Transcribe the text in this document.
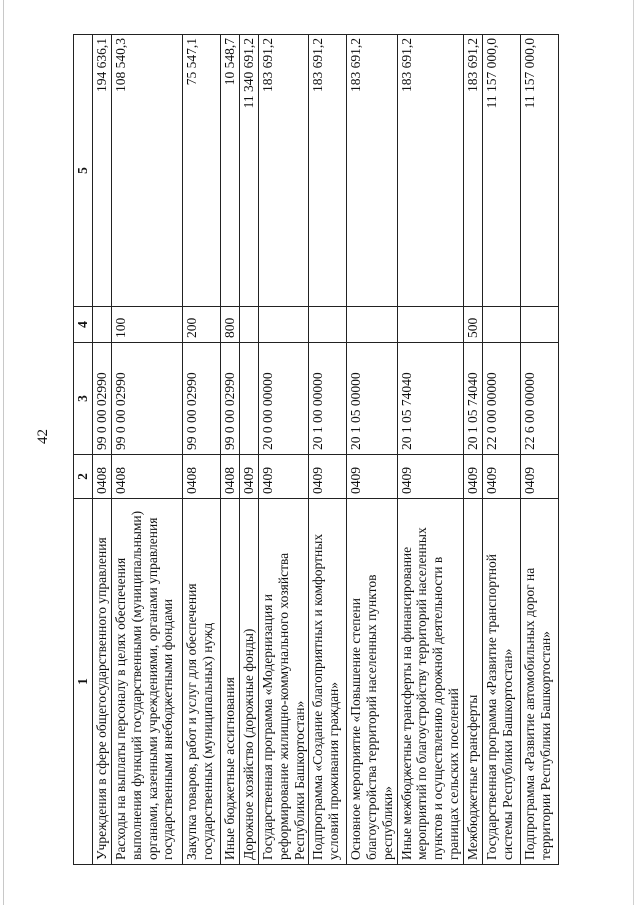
42
1	2	3	4	5
Учреждения в сфере общегосударственного управления	0408	99 0 00 02990		194 636,1
Расходы на выплаты персоналу в целях обеспечения выполнения функций государственными (муниципальными) органами, казенными учреждениями, органами управления государственными внебюджетными фондами	0408	99 0 00 02990	100	108 540,3
Закупка товаров, работ и услуг для обеспечения государственных (муниципальных) нужд	0408	99 0 00 02990	200	75 547,1
Иные бюджетные ассигнования	0408	99 0 00 02990	800	10 548,7
Дорожное хозяйство (дорожные фонды)	0409			11 340 691,2
Государственная программа «Модернизация и реформирование жилищно-коммунального хозяйства Республики Башкортостан»	0409	20 0 00 00000		183 691,2
Подпрограмма «Создание благоприятных и комфортных условий проживания граждан»	0409	20 1 00 00000		183 691,2
Основное мероприятие «Повышение степени благоустройства территорий населенных пунктов республики»	0409	20 1 05 00000		183 691,2
Иные межбюджетные трансферты на финансирование мероприятий по благоустройству территорий населенных пунктов и осуществлению дорожной деятельности в границах сельских поселений	0409	20 1 05 74040		183 691,2
Межбюджетные трансферты	0409	20 1 05 74040	500	183 691,2
Государственная программа «Развитие транспортной системы Республики Башкортостан»	0409	22 0 00 00000		11 157 000,0
Подпрограмма «Развитие автомобильных дорог на территории Республики Башкортостан»	0409	22 6 00 00000		11 157 000,0
